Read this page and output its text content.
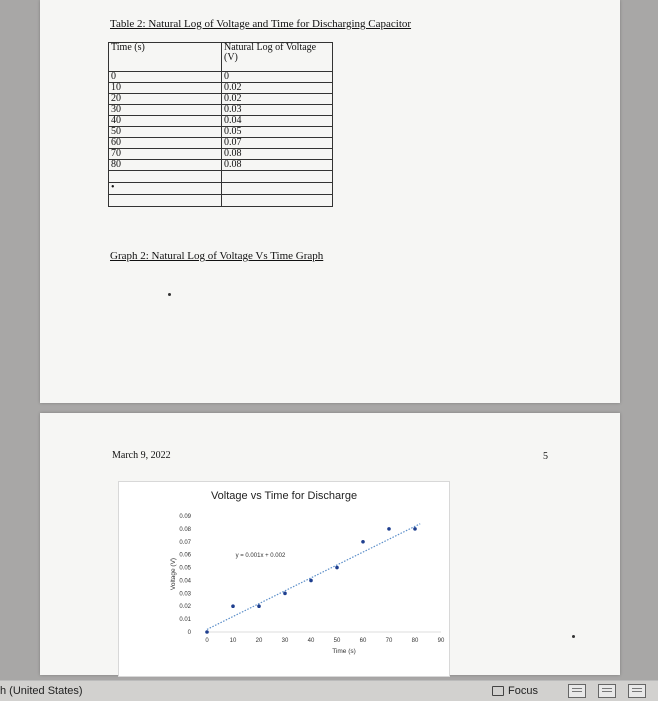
Table 2: Natural Log of Voltage and Time for Discharging Capacitor
Time (s)	Natural Log of Voltage (V)
0	0
10	0.02
20	0.02
30	0.03
40	0.04
50	0.05
60	0.07
70	0.08
80	0.08

•	

Graph 2: Natural Log of Voltage Vs Time Graph
March 9, 2022	5
Voltage vs Time for Discharge
0
0.01
0.02
0.03
0.04
0.05
0.06
0.07
0.08
0.09
0	10	20	30	40	50	60	70	80	90
y = 0.001x + 0.002
Voltage (V)
Time (s)
h (United States)	Focus
